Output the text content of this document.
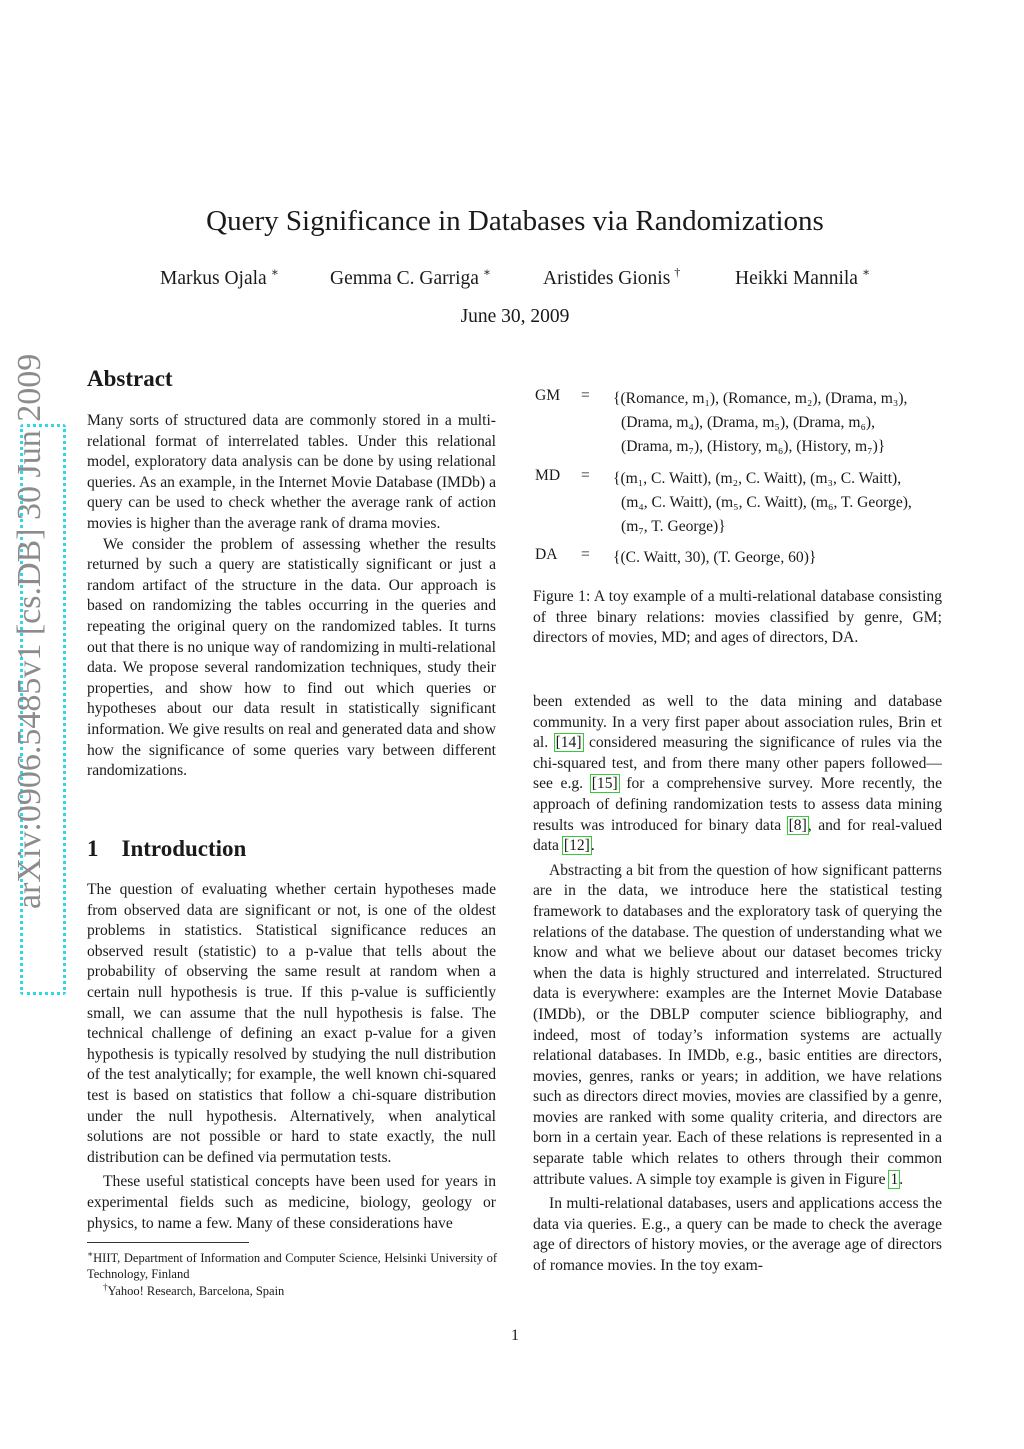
Query Significance in Databases via Randomizations
Markus Ojala ∗	Gemma C. Garriga ∗	Aristides Gionis †	Heikki Mannila ∗
June 30, 2009
arXiv:0906.5485v1 [cs.DB] 30 Jun 2009 Abstract

Many sorts of structured data are commonly stored in a multi-relational format of interrelated tables. Under this relational model, exploratory data analysis can be done by using relational queries. As an example, in the Internet Movie Database (IMDb) a query can be used to check whether the average rank of action movies is higher than the average rank of drama movies.

We consider the problem of assessing whether the results returned by such a query are statistically significant or just a random artifact of the structure in the data. Our approach is based on randomizing the tables occurring in the queries and repeating the original query on the randomized tables. It turns out that there is no unique way of randomizing in multi-relational data. We propose several randomization techniques, study their properties, and show how to find out which queries or hypotheses about our data result in statistically significant information. We give results on real and generated data and show how the significance of some queries vary between different randomizations.

1 Introduction

The question of evaluating whether certain hypotheses made from observed data are significant or not, is one of the oldest problems in statistics. Statistical significance reduces an observed result (statistic) to a p-value that tells about the probability of observing the same result at random when a certain null hypothesis is true. If this p-value is sufficiently small, we can assume that the null hypothesis is false. The technical challenge of defining an exact p-value for a given hypothesis is typically resolved by studying the null distribution of the test analytically; for example, the well known chi-squared test is based on statistics that follow a chi-square distribution under the null hypothesis. Alternatively, when analytical solutions are not possible or hard to state exactly, the null distribution can be defined via permutation tests.

These useful statistical concepts have been used for years in experimental fields such as medicine, biology, geology or physics, to name a few. Many of these considerations have

∗HIIT, Department of Information and Computer Science, Helsinki University of Technology, Finland
†Yahoo! Research, Barcelona, Spain
GM = {(Romance, m₁), (Romance, m₂), (Drama, m₃),
(Drama, m₄), (Drama, m₅), (Drama, m₆),
(Drama, m₇), (History, m₆), (History, m₇)}
MD = {(m₁, C. Waitt), (m₂, C. Waitt), (m₃, C. Waitt),
(m₄, C. Waitt), (m₅, C. Waitt), (m₆, T. George),
(m₇, T. George)}
DA = {(C. Waitt, 30), (T. George, 60)}
Figure 1: A toy example of a multi-relational database consisting of three binary relations: movies classified by genre, GM; directors of movies, MD; and ages of directors, DA.

been extended as well to the data mining and database community. In a very first paper about association rules, Brin et al. [14] considered measuring the significance of rules via the chi-squared test, and from there many other papers followed—see e.g. [15] for a comprehensive survey. More recently, the approach of defining randomization tests to assess data mining results was introduced for binary data [8], and for real-valued data [12].

Abstracting a bit from the question of how significant patterns are in the data, we introduce here the statistical testing framework to databases and the exploratory task of querying the relations of the database. The question of understanding what we know and what we believe about our dataset becomes tricky when the data is highly structured and interrelated. Structured data is everywhere: examples are the Internet Movie Database (IMDb), or the DBLP computer science bibliography, and indeed, most of today’s information systems are actually relational databases. In IMDb, e.g., basic entities are directors, movies, genres, ranks or years; in addition, we have relations such as directors direct movies, movies are classified by a genre, movies are ranked with some quality criteria, and directors are born in a certain year. Each of these relations is represented in a separate table which relates to others through their common attribute values. A simple toy example is given in Figure 1.

In multi-relational databases, users and applications access the data via queries. E.g., a query can be made to check the average age of directors of history movies, or the average age of directors of romance movies. In the toy exam-

1
